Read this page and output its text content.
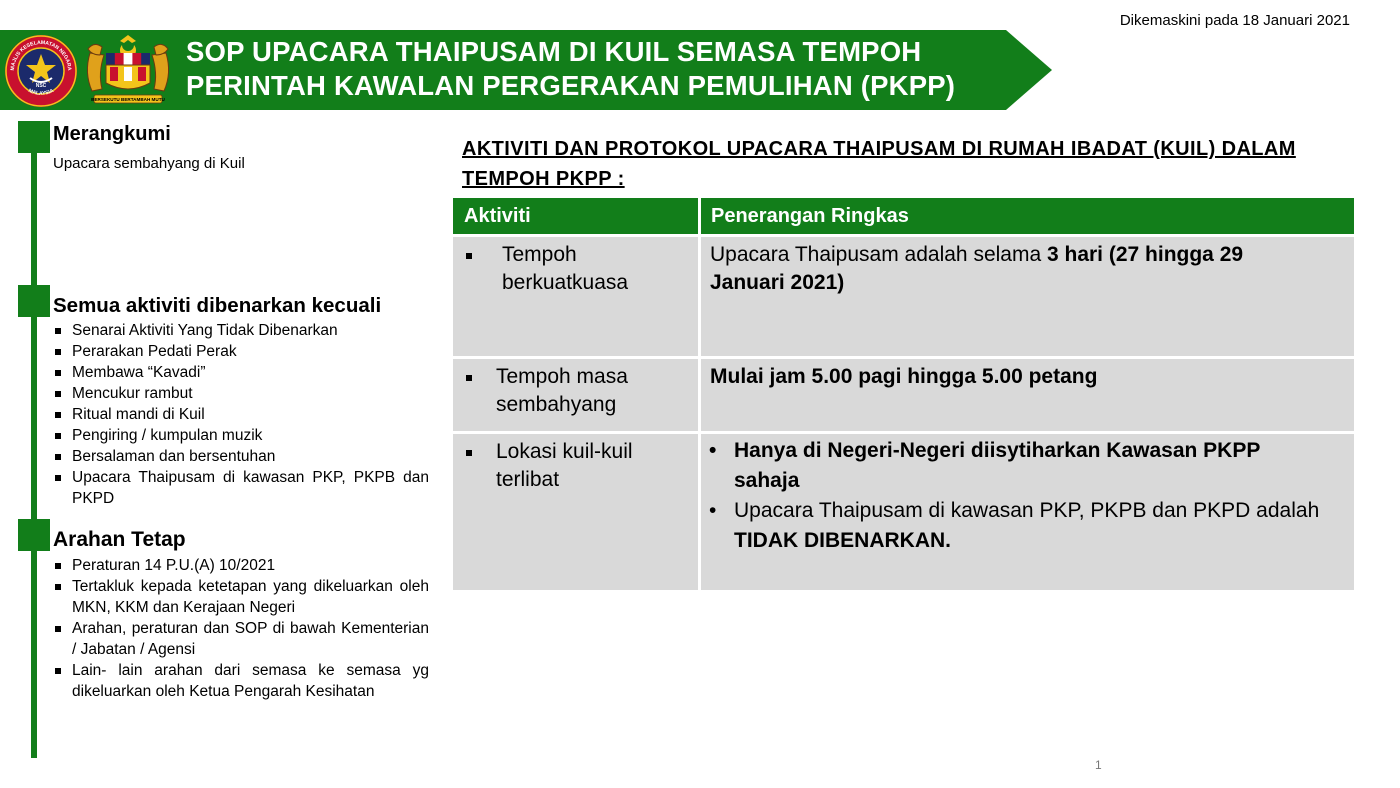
Dikemaskini pada 18 Januari 2021
NSC
MAJLIS KESELAMATAN NEGARA
MALAYSIA
BERSEKUTU BERTAMBAH MUTU
SOP UPACARA THAIPUSAM DI KUIL SEMASA TEMPOH
PERINTAH KAWALAN PERGERAKAN PEMULIHAN (PKPP)
Merangkumi
Upacara sembahyang di Kuil
Semua aktiviti dibenarkan kecuali
Senarai Aktiviti Yang Tidak Dibenarkan
Perarakan Pedati Perak
Membawa “Kavadi”
Mencukur rambut
Ritual mandi di Kuil
Pengiring / kumpulan muzik
Bersalaman dan bersentuhan
Upacara Thaipusam di kawasan PKP, PKPB dan PKPD
Arahan Tetap
Peraturan 14 P.U.(A) 10/2021
Tertakluk kepada ketetapan yang dikeluarkan oleh MKN, KKM dan Kerajaan Negeri
Arahan, peraturan dan SOP di bawah Kementerian / Jabatan / Agensi
Lain- lain arahan dari semasa ke semasa yg dikeluarkan oleh Ketua Pengarah Kesihatan
AKTIVITI DAN PROTOKOL UPACARA THAIPUSAM DI RUMAH IBADAT (KUIL) DALAM
TEMPOH PKPP :
Aktiviti	Penerangan Ringkas
Tempoh
berkuatkuasa
Upacara Thaipusam adalah selama 3 hari (27 hingga 29 Januari 2021)
Tempoh masa
sembahyang
Mulai jam 5.00 pagi hingga 5.00 petang
Lokasi kuil-kuil
terlibat
• Hanya di Negeri-Negeri diisytiharkan Kawasan PKPP sahaja
• Upacara Thaipusam di kawasan PKP, PKPB dan PKPD adalah TIDAK DIBENARKAN.
1
